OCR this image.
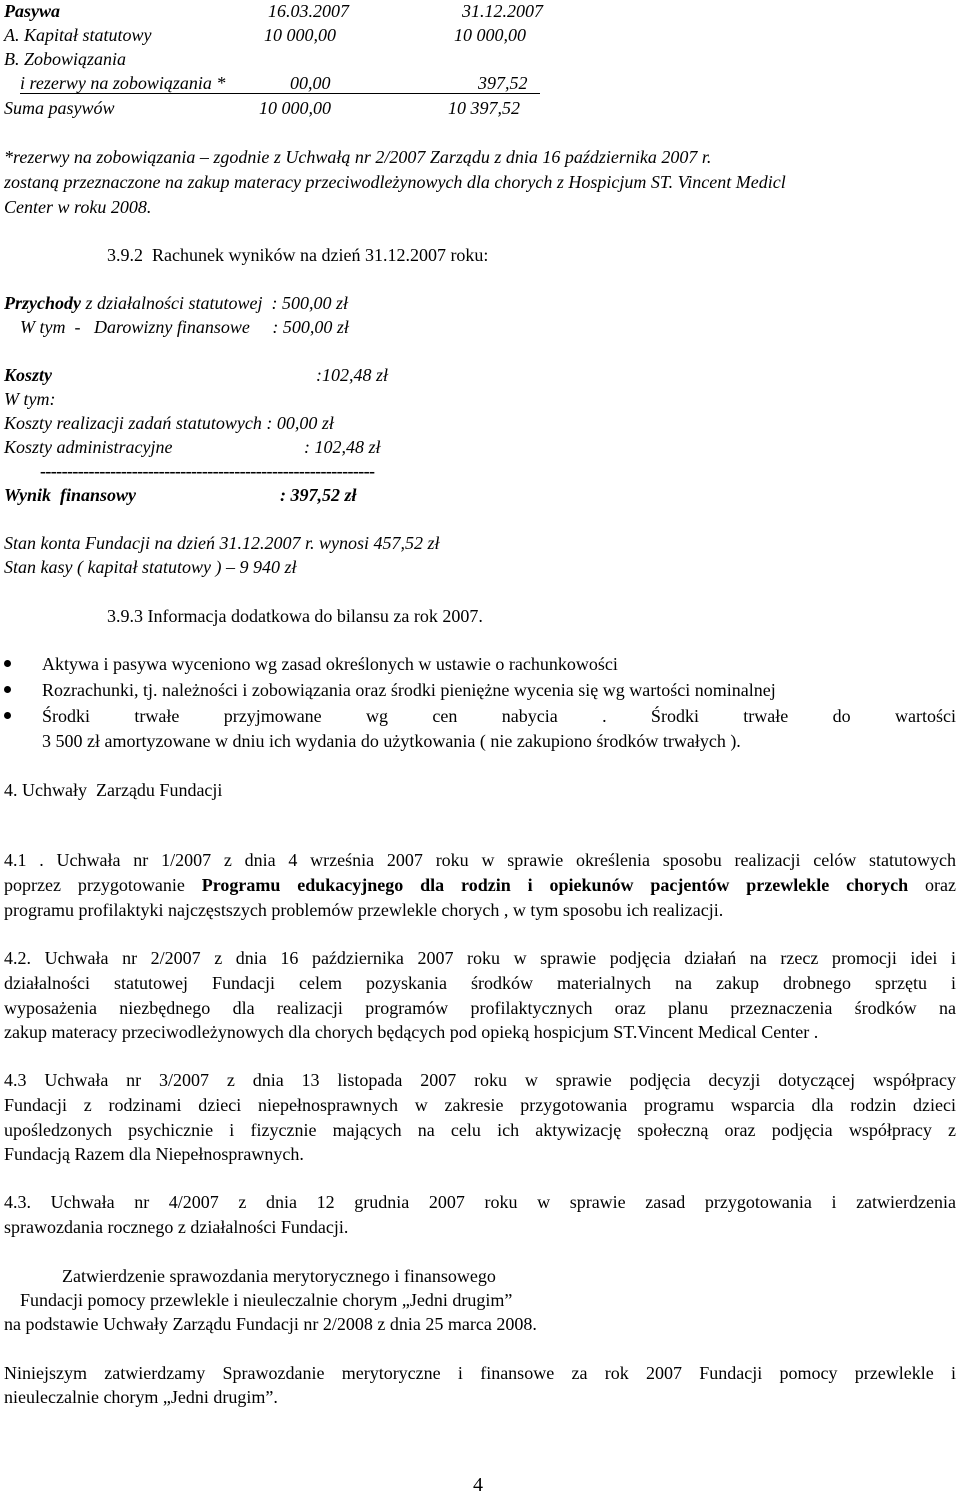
Pasywa	16.03.2007	31.12.2007
A. Kapitał statutowy	10 000,00	10 000,00
B. Zobowiązania
i rezerwy na zobowiązania *	00,00	397,52
Suma pasywów	10 000,00	10 397,52
*rezerwy na zobowiązania – zgodnie z Uchwałą nr 2/2007 Zarządu z dnia 16 października 2007 r.
zostaną przeznaczone na zakup materacy przeciwodleżynowych dla chorych z Hospicjum ST. Vincent Medicl
Center w roku 2008.
3.9.2  Rachunek wyników na dzień 31.12.2007 roku:
Przychody z działalności statutowej  : 500,00 zł
W tym  -   Darowizny finansowe     : 500,00 zł
Koszty	:102,48 zł
W tym:
Koszty realizacji zadań statutowych : 00,00 zł
Koszty administracyjne	: 102,48 zł
--------------------------------------------------------------
Wynik  finansowy	: 397,52 zł
Stan konta Fundacji na dzień 31.12.2007 r. wynosi 457,52 zł
Stan kasy ( kapitał statutowy ) – 9 940 zł
3.9.3 Informacja dodatkowa do bilansu za rok 2007.
Aktywa i pasywa wyceniono wg zasad określonych w ustawie o rachunkowości
Rozrachunki, tj. należności i zobowiązania oraz środki pieniężne wycenia się wg wartości nominalnej
Środki trwałe przyjmowane wg cen nabycia . Środki trwałe do wartości
3 500 zł amortyzowane w dniu ich wydania do użytkowania ( nie zakupiono środków trwałych ).
4. Uchwały  Zarządu Fundacji
4.1 . Uchwała nr 1/2007 z dnia 4 września 2007 roku w sprawie określenia sposobu realizacji celów statutowych
poprzez przygotowanie Programu edukacyjnego dla rodzin i opiekunów pacjentów przewlekle chorych oraz
programu profilaktyki najczęstszych problemów przewlekle chorych , w tym sposobu ich realizacji.
4.2. Uchwała nr 2/2007 z dnia 16 października 2007 roku w sprawie podjęcia działań na rzecz promocji idei i
działalności statutowej Fundacji celem pozyskania środków materialnych na zakup drobnego sprzętu i
wyposażenia niezbędnego dla realizacji programów profilaktycznych oraz planu przeznaczenia środków na
zakup materacy przeciwodleżynowych dla chorych będących pod opieką hospicjum ST.Vincent Medical Center .
4.3 Uchwała nr 3/2007 z dnia 13 listopada 2007 roku w sprawie podjęcia decyzji dotyczącej współpracy
Fundacji z rodzinami dzieci niepełnosprawnych w zakresie przygotowania programu wsparcia dla rodzin dzieci
upośledzonych psychicznie i fizycznie mających na celu ich aktywizację społeczną oraz podjęcia współpracy z
Fundacją Razem dla Niepełnosprawnych.
4.3. Uchwała nr 4/2007 z dnia 12 grudnia 2007 roku w sprawie zasad przygotowania i zatwierdzenia
sprawozdania rocznego z działalności Fundacji.
Zatwierdzenie sprawozdania merytorycznego i finansowego
Fundacji pomocy przewlekle i nieuleczalnie chorym „Jedni drugim”
na podstawie Uchwały Zarządu Fundacji nr 2/2008 z dnia 25 marca 2008.
Niniejszym zatwierdzamy Sprawozdanie merytoryczne i finansowe za rok 2007 Fundacji pomocy przewlekle i
nieuleczalnie chorym „Jedni drugim”.
4
